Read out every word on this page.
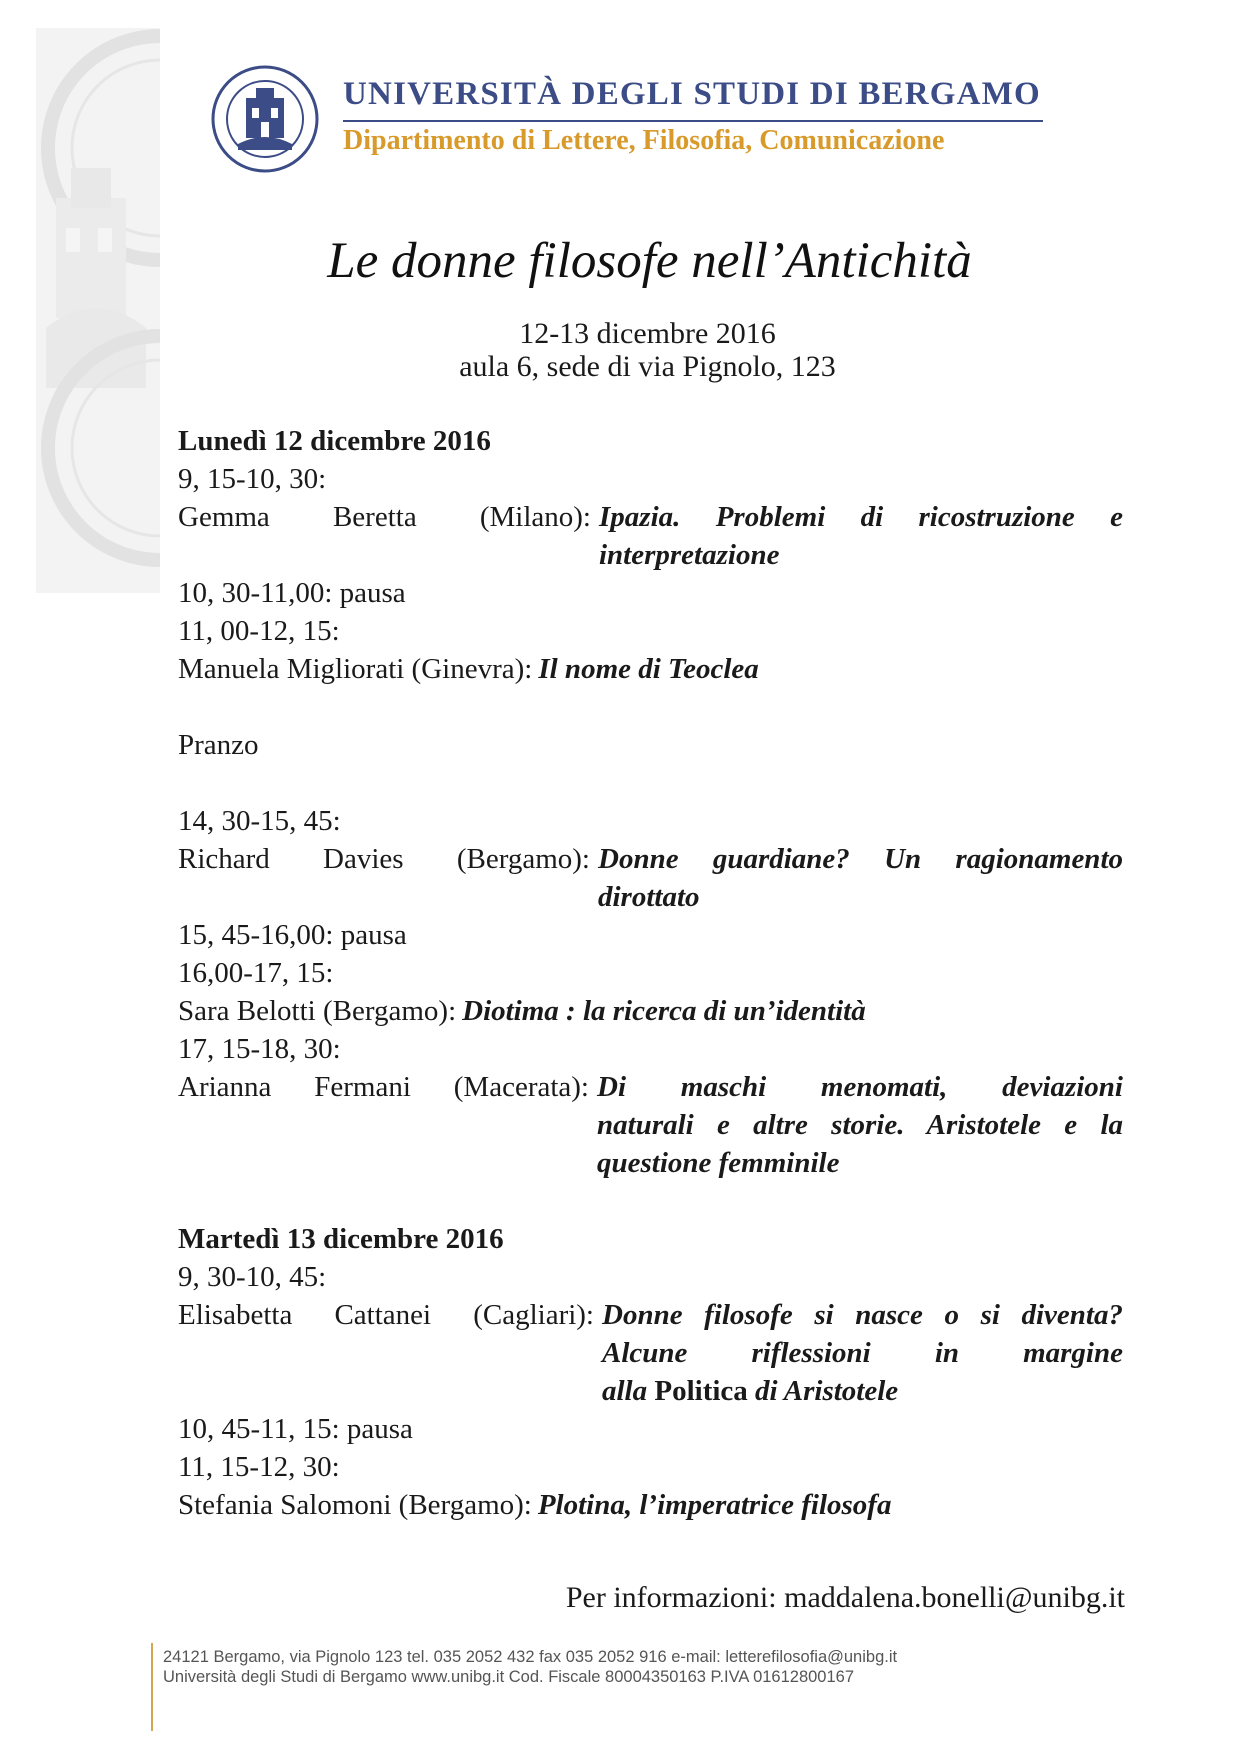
UNIVERSITÀ DEGLI STUDI DI BERGAMO
Dipartimento di Lettere, Filosofia, Comunicazione
Le donne filosofe nell’Antichità

12-13 dicembre 2016

aula 6, sede di via Pignolo, 123

Lunedì 12 dicembre 2016
9, 15-10, 30:
Gemma Beretta (Milano): Ipazia. Problemi di ricostruzione e
interpretazione
10, 30-11,00: pausa
11, 00-12, 15:
Manuela Migliorati (Ginevra): Il nome di Teoclea
Pranzo
14, 30-15, 45:
Richard Davies (Bergamo): Donne guardiane? Un ragionamento
dirottato
15, 45-16,00: pausa
16,00-17, 15:
Sara Belotti (Bergamo): Diotima : la ricerca di un’identità
17, 15-18, 30:
Arianna Fermani (Macerata): Di maschi menomati, deviazioni
naturali e altre storie. Aristotele e la
questione femminile
Martedì 13 dicembre 2016
9, 30-10, 45:
Elisabetta Cattanei (Cagliari): Donne filosofe si nasce o si diventa?
Alcune riflessioni in margine
alla Politica di Aristotele
10, 45-11, 15: pausa
11, 15-12, 30:
Stefania Salomoni (Bergamo): Plotina, l’imperatrice filosofa

Per informazioni: maddalena.bonelli@unibg.it

24121 Bergamo, via Pignolo 123 tel. 035 2052 432 fax 035 2052 916 e-mail: letterefilosofia@unibg.it
Università degli Studi di Bergamo www.unibg.it Cod. Fiscale 80004350163 P.IVA 01612800167
